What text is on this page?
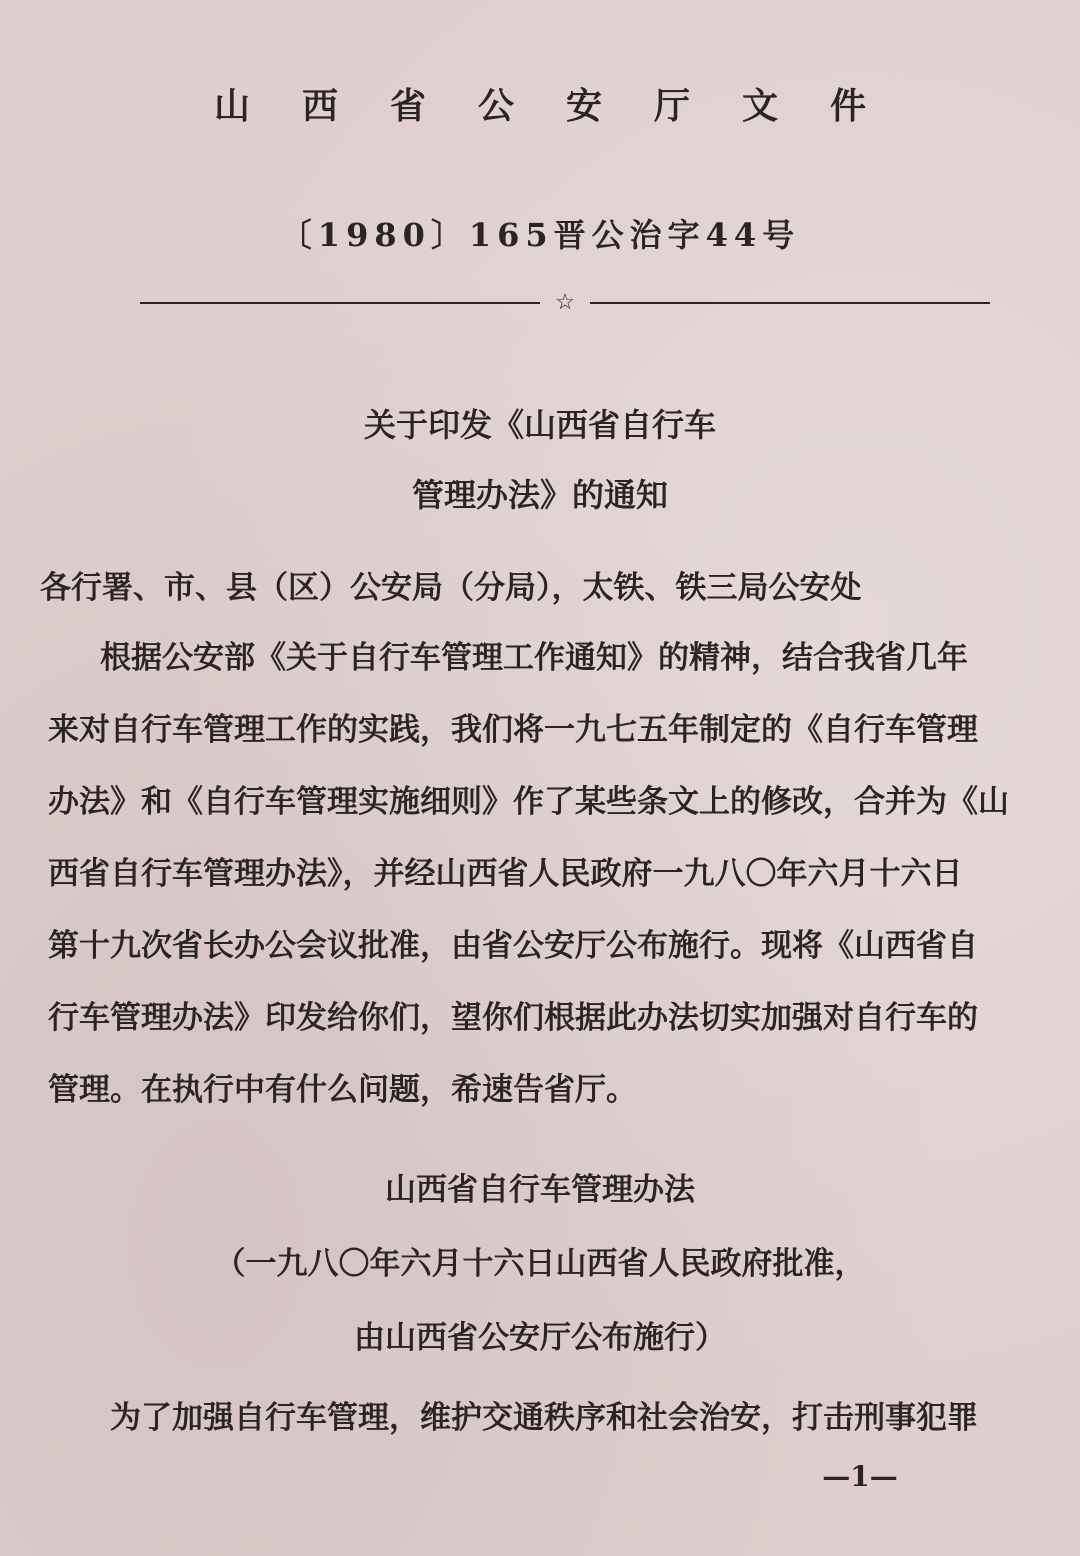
山西省公安厅文件
〔1980〕165晋公治字44号
☆
关于印发《山西省自行车
管理办法》的通知
各行署、市、县（区）公安局（分局），太铁、铁三局公安处
根据公安部《关于自行车管理工作通知》的精神，结合我省几年
来对自行车管理工作的实践，我们将一九七五年制定的《自行车管理
办法》和《自行车管理实施细则》作了某些条文上的修改，合并为《山
西省自行车管理办法》，并经山西省人民政府一九八〇年六月十六日
第十九次省长办公会议批准，由省公安厅公布施行。现将《山西省自
行车管理办法》印发给你们，望你们根据此办法切实加强对自行车的
管理。在执行中有什么问题，希速告省厅。
山西省自行车管理办法
（一九八〇年六月十六日山西省人民政府批准，
由山西省公安厅公布施行）
为了加强自行车管理，维护交通秩序和社会治安，打击刑事犯罪
—1—
